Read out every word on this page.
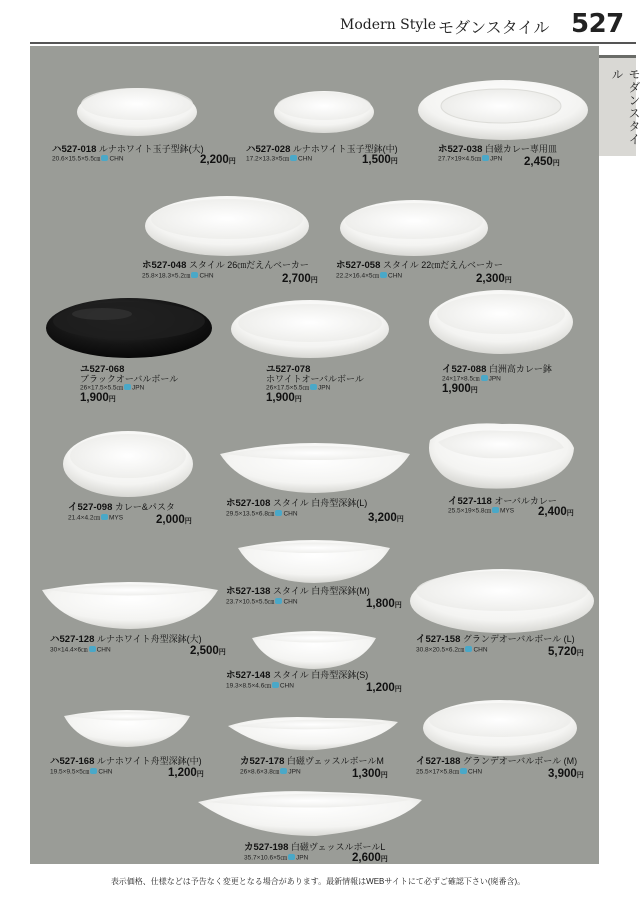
Modern Style モダンスタイル 527
モダンスタイル
ハ527-018 ルナホワイト玉子型鉢(大)
20.6×15.5×5.5㎝ CHN	2,200円
ハ527-028 ルナホワイト玉子型鉢(中)
17.2×13.3×5㎝ CHN	1,500円
ホ527-038 白磁カレー専用皿
27.7×19×4.5㎝ JPN 2,450円
ホ527-048 スタイル 26㎝だえんベーカー
25.8×18.3×5.2㎝ CHN	2,700円
ホ527-058 スタイル 22㎝だえんベーカー
22.2×16.4×5㎝ CHN	2,300円
ユ527-068
ブラックオーバルボール
26×17.5×5.5㎝ JPN
1,900円
ユ527-078
ホワイトオーバルボール
26×17.5×5.5㎝ JPN
1,900円
イ527-088 白洲高カレー鉢
24×17×8.5㎝ JPN
1,900円
イ527-098 カレー&パスタ
21.4×4.2㎝ MYS	2,000円
ホ527-108 スタイル 白舟型深鉢(L)
29.5×13.5×6.8㎝ CHN	3,200円
イ527-118 オーバルカレー
25.5×19×5.8㎝ MYS 2,400円
ホ527-138 スタイル 白舟型深鉢(M)
23.7×10.5×5.5㎝ CHN	1,800円
ハ527-128 ルナホワイト舟型深鉢(大)
30×14.4×6㎝ CHN	2,500円
イ527-158 グランデオーバルボール (L)
30.8×20.5×6.2㎝ CHN	5,720円
ホ527-148 スタイル 白舟型深鉢(S)
19.3×8.5×4.6㎝ CHN	1,200円
ハ527-168 ルナホワイト舟型深鉢(中)
19.5×9.5×5㎝ CHN	1,200円
カ527-178 白磁ヴェッスルボールM
26×8.6×3.8㎝ JPN	1,300円
イ527-188 グランデオーバルボール (M)
25.5×17×5.8㎝ CHN	3,900円
カ527-198 白磁ヴェッスルボールL
35.7×10.6×5㎝ JPN	2,600円
表示価格、仕様などは予告なく変更となる場合があります。最新情報はWEBサイトにて必ずご確認下さい(廃番含)。
